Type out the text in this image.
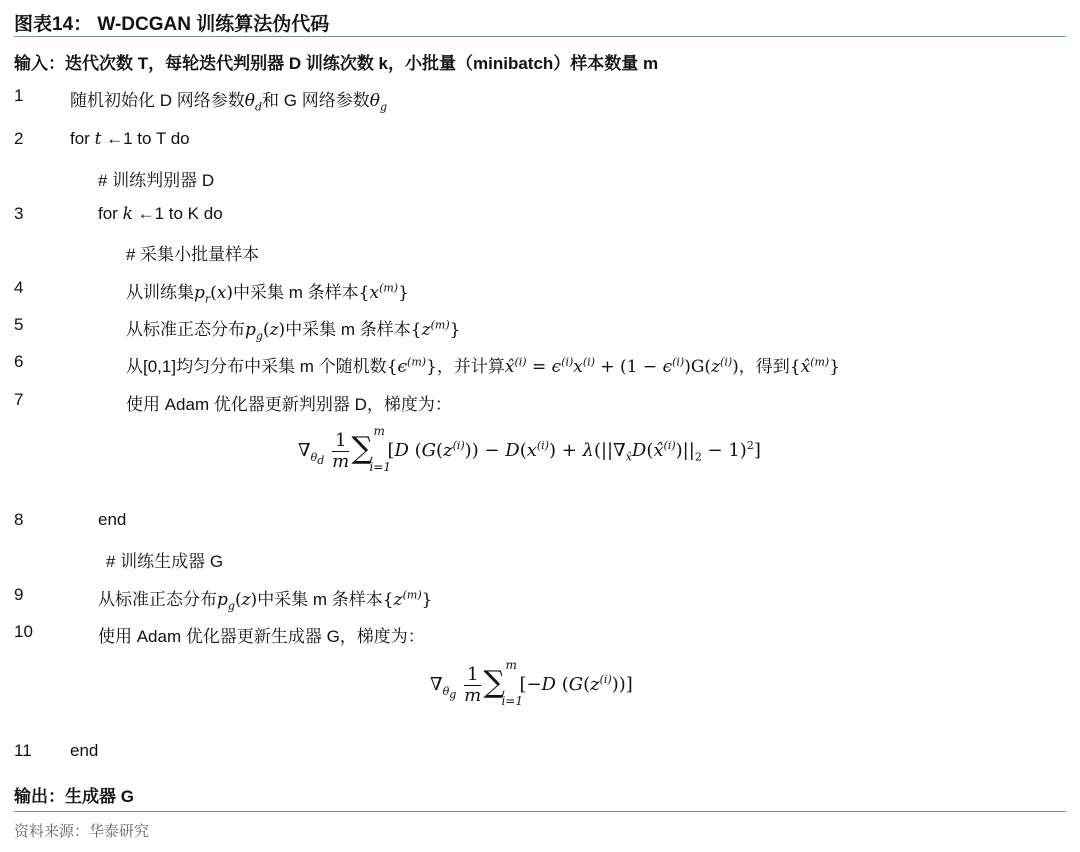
图表14： W-DCGAN 训练算法伪代码
输入：迭代次数 T，每轮迭代判别器 D 训练次数 k，小批量（minibatch）样本数量 m
1	随机初始化 D 网络参数$\theta_d$和 G 网络参数$\theta_g$
2	for t ←1 to T do
# 训练判别器 D
3	for k ←1 to K do
# 采集小批量样本
4	从训练集$p_r(x)$中采集 m 条样本$\{x^{(m)}\}$
5	从标准正态分布$p_g(z)$中采集 m 条样本$\{z^{(m)}\}$
6	从[0,1]均匀分布中采集 m 个随机数$\{\epsilon^{(m)}\}$，并计算x̂$^{(i)}$ = $\epsilon^{(i)}x^{(i)} + (1 - \epsilon^{(i)})G(z^{(i)})$，得到{x̂$^{(m)}$}
7	使用 Adam 优化器更新判别器 D，梯度为：
$\nabla_{\theta_d} \frac{1}{m}$ ∑ m
i=1
[D $(G(z^{(i)})) - D(x^{(i)})$ + $\lambda(||\nabla_{x̂}D(x̂^{(i)})||_2 - 1)^2$]
8	end
# 训练生成器 G
9	从标准正态分布$p_g(z)$中采集 m 条样本$\{z^{(m)}\}$
10	使用 Adam 优化器更新生成器 G，梯度为：
$\nabla_{\theta_g} \frac{1}{m}$ ∑ m
i=1
[−D $(G(z^{(i)}))$]
11 end
输出：生成器 G
资料来源：华泰研究
